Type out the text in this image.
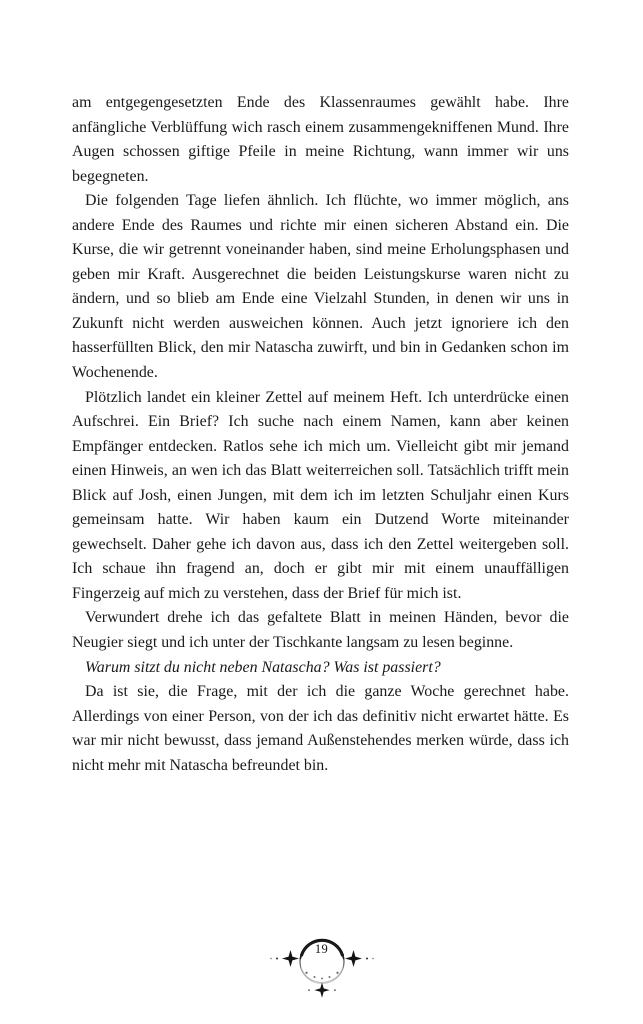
am entgegengesetzten Ende des Klassenraumes gewählt habe. Ihre anfängliche Verblüffung wich rasch einem zusammengekniffenen Mund. Ihre Augen schossen giftige Pfeile in meine Richtung, wann immer wir uns begegneten.

Die folgenden Tage liefen ähnlich. Ich flüchte, wo immer möglich, ans andere Ende des Raumes und richte mir einen sicheren Abstand ein. Die Kurse, die wir getrennt voneinander haben, sind meine Erholungsphasen und geben mir Kraft. Ausgerechnet die beiden Leistungskurse waren nicht zu ändern, und so blieb am Ende eine Vielzahl Stunden, in denen wir uns in Zukunft nicht werden ausweichen können. Auch jetzt ignoriere ich den hasserfüllten Blick, den mir Natascha zuwirft, und bin in Gedanken schon im Wochenende.

Plötzlich landet ein kleiner Zettel auf meinem Heft. Ich unterdrücke einen Aufschrei. Ein Brief? Ich suche nach einem Namen, kann aber keinen Empfänger entdecken. Ratlos sehe ich mich um. Vielleicht gibt mir jemand einen Hinweis, an wen ich das Blatt weiterreichen soll. Tatsächlich trifft mein Blick auf Josh, einen Jungen, mit dem ich im letzten Schuljahr einen Kurs gemeinsam hatte. Wir haben kaum ein Dutzend Worte miteinander gewechselt. Daher gehe ich davon aus, dass ich den Zettel weitergeben soll. Ich schaue ihn fragend an, doch er gibt mir mit einem unauffälligen Fingerzeig auf mich zu verstehen, dass der Brief für mich ist.

Verwundert drehe ich das gefaltete Blatt in meinen Händen, bevor die Neugier siegt und ich unter der Tischkante langsam zu lesen beginne.

Warum sitzt du nicht neben Natascha? Was ist passiert?

Da ist sie, die Frage, mit der ich die ganze Woche gerechnet habe. Allerdings von einer Person, von der ich das definitiv nicht erwartet hätte. Es war mir nicht bewusst, dass jemand Außenstehendes merken würde, dass ich nicht mehr mit Natascha befreundet bin.

19
